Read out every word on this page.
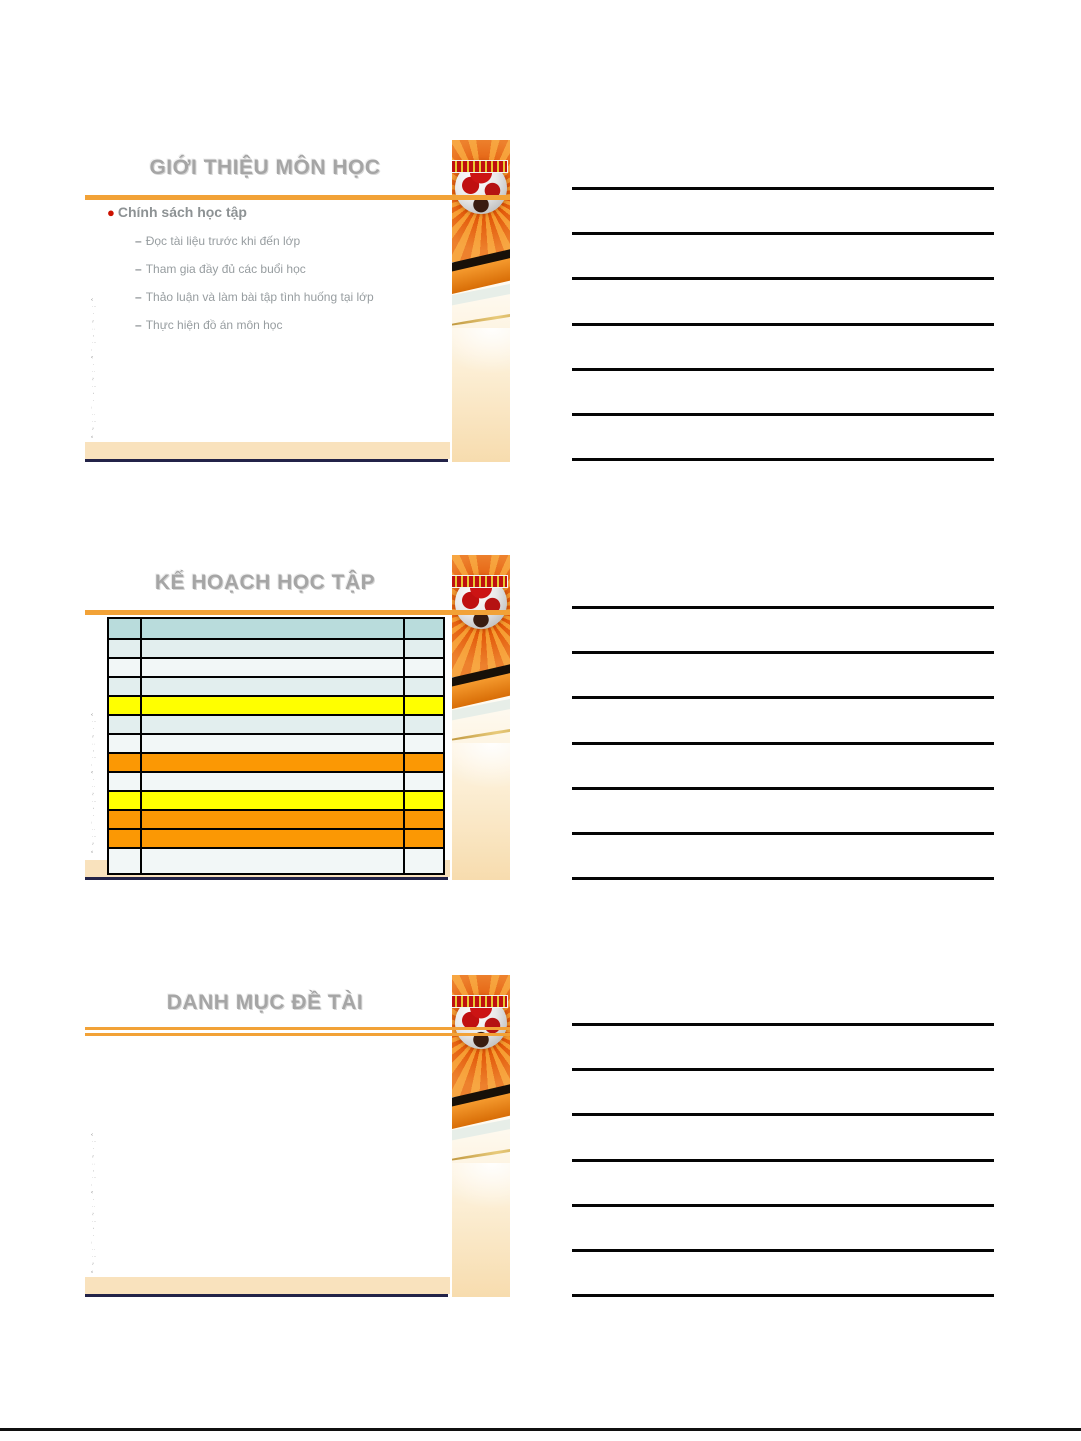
GIỚI THIỆU MÔN HỌC
^ ~ ; : ¨ · - ; ~ : · ^ ¨ ; - : ~ · ; ^
● Chính sách học tập
– Đọc tài liệu trước khi đến lớp
– Tham gia đầy đủ các buổi học
– Thảo luận và làm bài tập tình huống tại lớp
– Thực hiện đồ án môn học
KẾ HOẠCH HỌC TẬP
^ ~ ; : ¨ · - ; ~ : · ^ ¨ ; - : ~ · ; ^

DANH MỤC ĐỀ TÀI
^ ~ ; : ¨ · - ; ~ : · ^ ¨ ; - : ~ · ; ^
